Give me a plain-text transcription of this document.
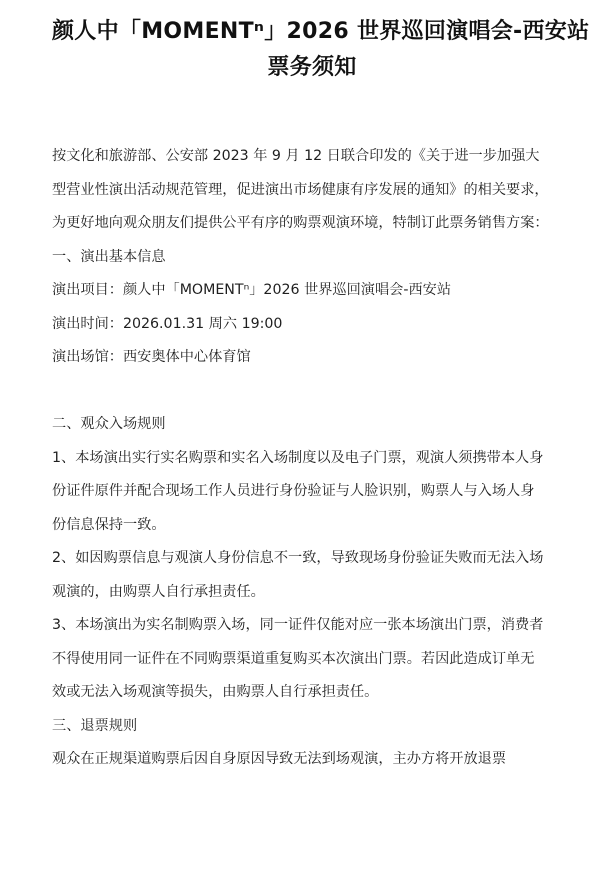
颜人中「MOMENTⁿ」2026 世界巡回演唱会-西安站
票务须知

按文化和旅游部、公安部 2023 年 9 月 12 日联合印发的《关于进一步加强大
型营业性演出活动规范管理，促进演出市场健康有序发展的通知》的相关要求，
为更好地向观众朋友们提供公平有序的购票观演环境，特制订此票务销售方案：

一、演出基本信息

演出项目：颜人中「MOMENTⁿ」2026 世界巡回演唱会-西安站

演出时间：2026.01.31 周六 19:00

演出场馆：西安奥体中心体育馆

二、观众入场规则

1、本场演出实行实名购票和实名入场制度以及电子门票，观演人须携带本人身
份证件原件并配合现场工作人员进行身份验证与人脸识别，购票人与入场人身
份信息保持一致。

2、如因购票信息与观演人身份信息不一致，导致现场身份验证失败而无法入场
观演的，由购票人自行承担责任。

3、本场演出为实名制购票入场，同一证件仅能对应一张本场演出门票，消费者
不得使用同一证件在不同购票渠道重复购买本次演出门票。若因此造成订单无
效或无法入场观演等损失，由购票人自行承担责任。

三、退票规则

观众在正规渠道购票后因自身原因导致无法到场观演，主办方将开放退票
